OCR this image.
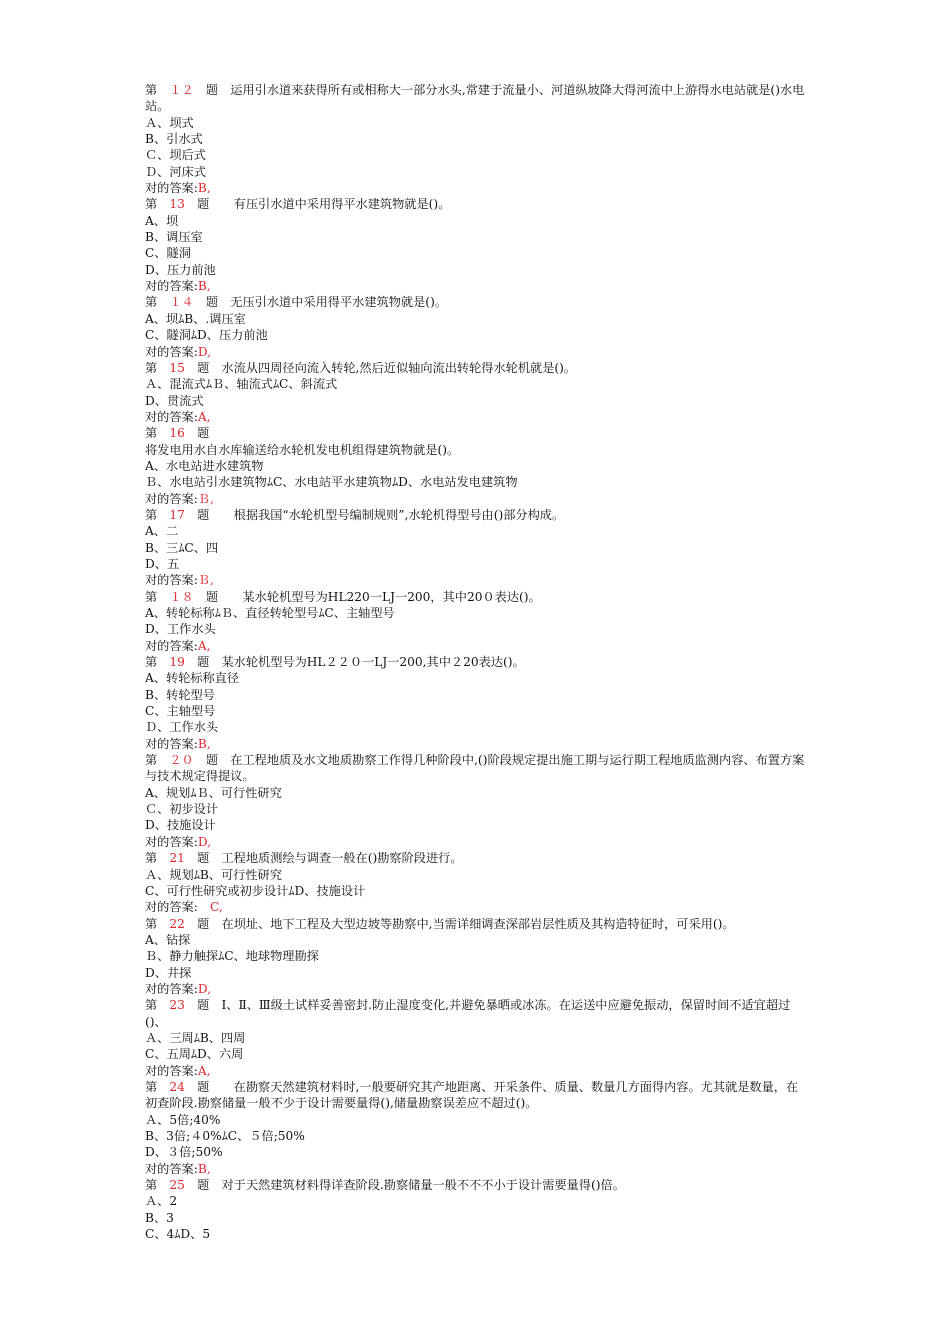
第　１２　题　运用引水道来获得所有或相称大一部分水头,常建于流量小、河道纵坡降大得河流中上游得水电站就是()水电站。
Ａ、坝式
B、引水式
Ｃ、坝后式
Ｄ、河床式
对的答案:B,
第　13　题　　有压引水道中采用得平水建筑物就是()。
A、坝
B、调压室
C、隧洞
D、压力前池
对的答案:B,
第　１４　题　无压引水道中采用得平水建筑物就是()。
A、坝ﾑB、.调压室
C、隧洞ﾑD、压力前池
对的答案:D,
第　15　题　水流从四周径向流入转轮,然后近似轴向流出转轮得水轮机就是()。
Ａ、混流式ﾑＢ、轴流式ﾑC、斜流式
D、贯流式
对的答案:A,
第　16　题
将发电用水自水库输送给水轮机发电机组得建筑物就是()。
A、水电站进水建筑物
Ｂ、水电站引水建筑物ﾑC、水电站平水建筑物ﾑD、水电站发电建筑物
对的答案:Ｂ,
第　17　题　　根据我国“水轮机型号编制规则”,水轮机得型号由()部分构成。
A、二
B、三ﾑC、四
D、五
对的答案:Ｂ,
第　１８　题　　某水轮机型号为HL220一LJ一200，其中20０表达()。
A、转轮标称ﾑＢ、直径转轮型号ﾑC、主轴型号
D、工作水头
对的答案:A,
第　19　题　某水轮机型号为HL２２０一LJ一200,其中２20表达()。
A、转轮标称直径
B、转轮型号
C、主轴型号
Ｄ、工作水头
对的答案:B,
第　２０　题　在工程地质及水文地质勘察工作得几种阶段中,()阶段规定提出施工期与运行期工程地质监测内容、布置方案与技术规定得提议。
A、规划ﾑＢ、可行性研究
Ｃ、初步设计
D、技施设计
对的答案:D,
第　21　题　工程地质测绘与调查一般在()勘察阶段进行。
Ａ、规划ﾑB、可行性研究
C、可行性研究或初步设计ﾑD、技施设计
对的答案:　C,
第　22　题　在坝址、地下工程及大型边坡等勘察中,当需详细调查深部岩层性质及其构造特征时，可采用()。
A、钻探
Ｂ、静力触探ﾑC、地球物理勘探
D、井探
对的答案:D,
第　23　题　Ⅰ、Ⅱ、Ⅲ级土试样妥善密封.防止湿度变化,并避免暴晒或冰冻。在运送中应避免振动，保留时间不适宜超过()、
Ａ、三周ﾑB、四周
C、五周ﾑD、六周
对的答案:A,
第　24　题　　在勘察天然建筑材料时,一般要研究其产地距离、开采条件、质量、数量几方面得内容。尤其就是数量，在初查阶段.勘察储量一般不少于设计需要量得(),储量勘察误差应不超过()。
Ａ、5倍;40%
B、3倍;４0%ﾑC、５倍;50%
D、３倍;50%
对的答案:B,
第　25　题　对于天然建筑材料得详查阶段.勘察储量一般不不不小于设计需要量得()倍。
Ａ、2
B、3
C、4ﾑD、5
